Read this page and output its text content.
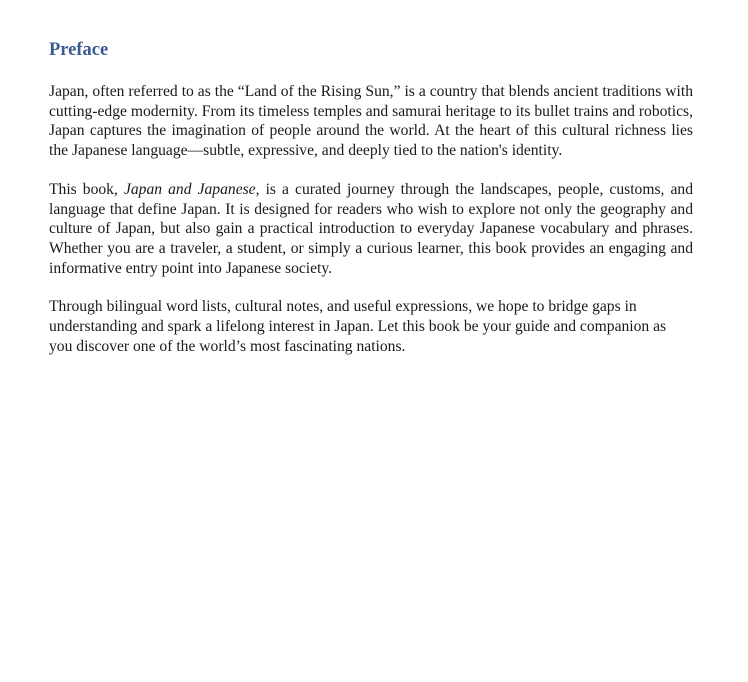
Preface

Japan, often referred to as the “Land of the Rising Sun,” is a country that blends ancient traditions with cutting-edge modernity. From its timeless temples and samurai heritage to its bullet trains and robotics, Japan captures the imagination of people around the world. At the heart of this cultural richness lies the Japanese language—subtle, expressive, and deeply tied to the nation's identity.

This book, Japan and Japanese, is a curated journey through the landscapes, people, customs, and language that define Japan. It is designed for readers who wish to explore not only the geography and culture of Japan, but also gain a practical introduction to everyday Japanese vocabulary and phrases. Whether you are a traveler, a student, or simply a curious learner, this book provides an engaging and informative entry point into Japanese society.

Through bilingual word lists, cultural notes, and useful expressions, we hope to bridge gaps in understanding and spark a lifelong interest in Japan. Let this book be your guide and companion as you discover one of the world’s most fascinating nations.
